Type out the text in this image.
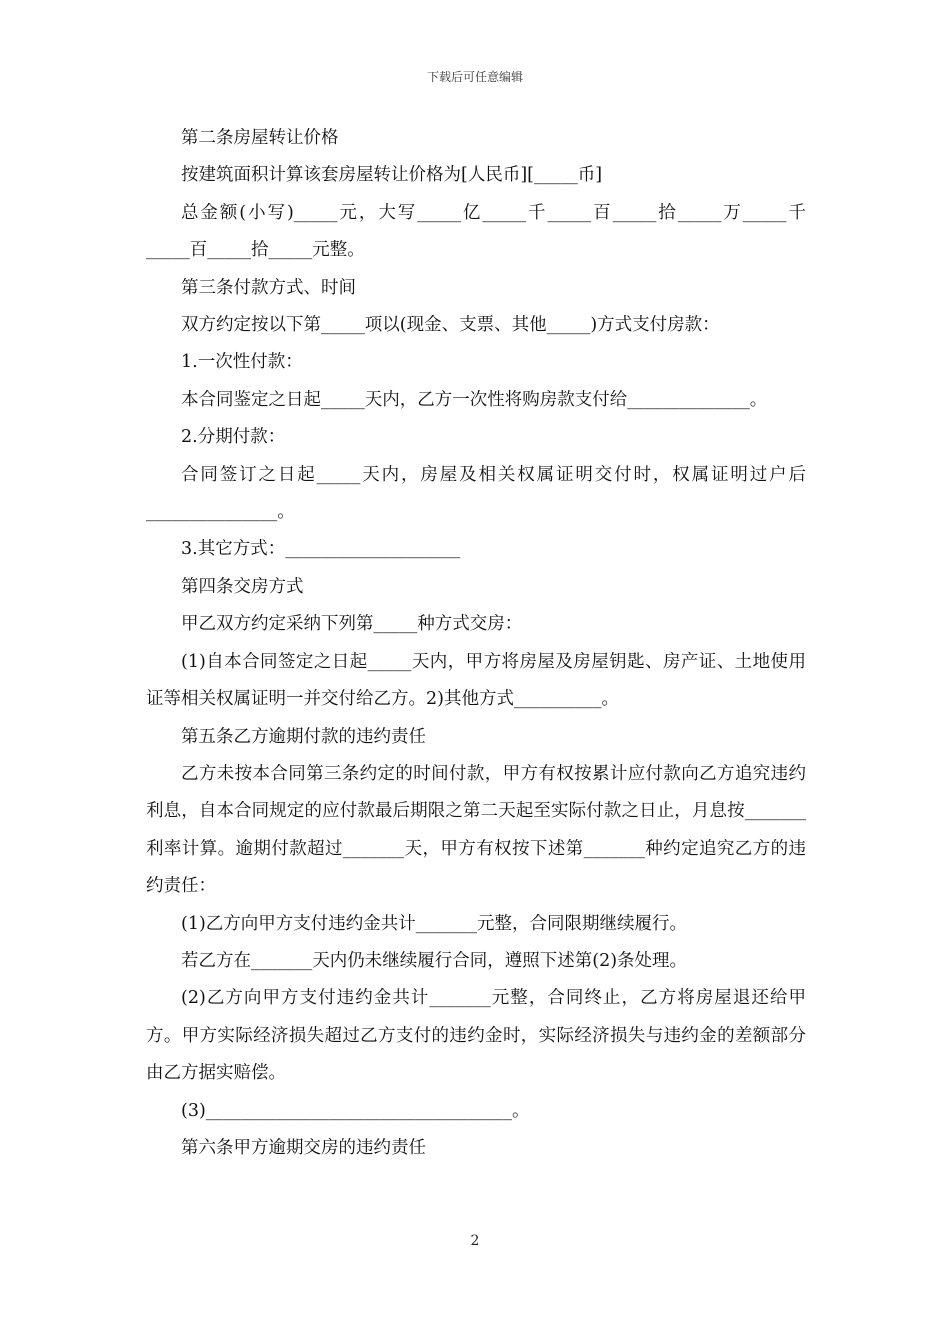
下载后可任意编辑

第二条房屋转让价格

按建筑面积计算该套房屋转让价格为[人民币][_____币]

总金额(小写)_____元，大写_____亿_____千_____百_____拾_____万_____千_____百_____拾_____元整。

第三条付款方式、时间

双方约定按以下第_____项以(现金、支票、其他_____)方式支付房款：

1.一次性付款：

本合同鉴定之日起_____天内，乙方一次性将购房款支付给______________。

2.分期付款：

合同签订之日起_____天内，房屋及相关权属证明交付时，权属证明过户后_______________。

3.其它方式：____________________

第四条交房方式

甲乙双方约定采纳下列第_____种方式交房：

(1)自本合同签定之日起_____天内，甲方将房屋及房屋钥匙、房产证、土地使用证等相关权属证明一并交付给乙方。2)其他方式__________。

第五条乙方逾期付款的违约责任

乙方未按本合同第三条约定的时间付款，甲方有权按累计应付款向乙方追究违约利息，自本合同规定的应付款最后期限之第二天起至实际付款之日止，月息按_______利率计算。逾期付款超过_______天，甲方有权按下述第_______种约定追究乙方的违约责任：

(1)乙方向甲方支付违约金共计_______元整，合同限期继续履行。

若乙方在_______天内仍未继续履行合同，遵照下述第(2)条处理。

(2)乙方向甲方支付违约金共计_______元整，合同终止，乙方将房屋退还给甲方。甲方实际经济损失超过乙方支付的违约金时，实际经济损失与违约金的差额部分由乙方据实赔偿。

(3)___________________________________。

第六条甲方逾期交房的违约责任

2
